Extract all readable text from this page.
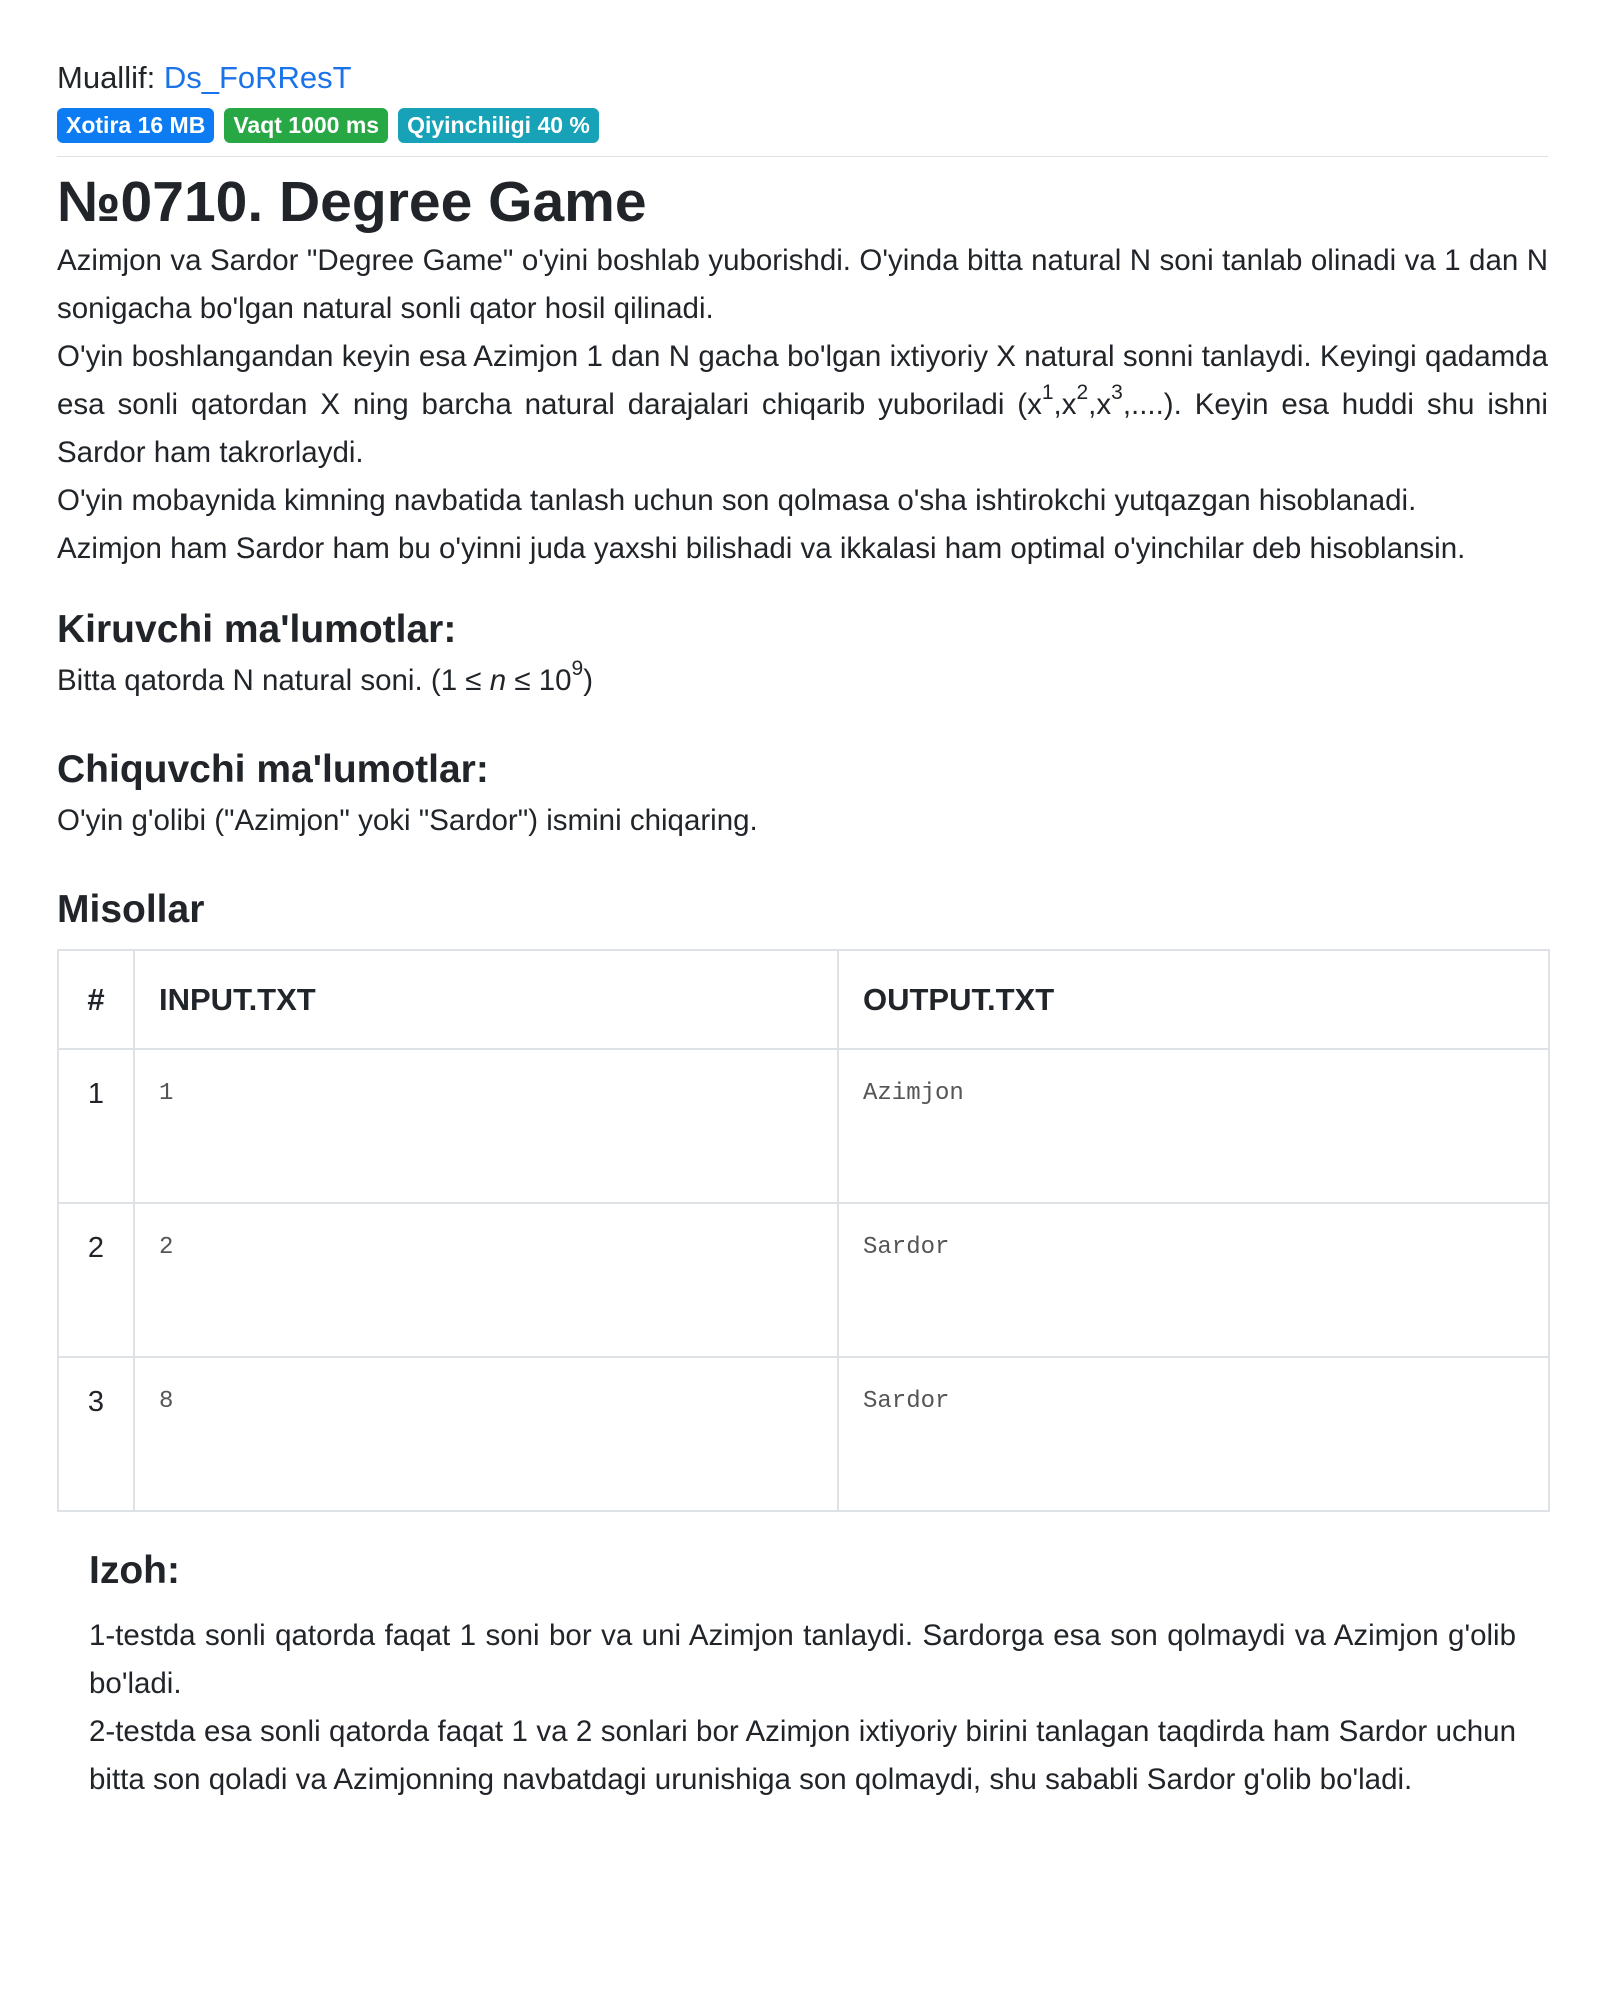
Muallif: Ds_FoRResT
Xotira 16 MB	Vaqt 1000 ms	Qiyinchiligi 40 %
№0710. Degree Game

Azimjon va Sardor "Degree Game" o'yini boshlab yuborishdi. O'yinda bitta natural N soni tanlab olinadi va 1 dan N sonigacha bo'lgan natural sonli qator hosil qilinadi.

O'yin boshlangandan keyin esa Azimjon 1 dan N gacha bo'lgan ixtiyoriy X natural sonni tanlaydi. Keyingi qadamda esa sonli qatordan X ning barcha natural darajalari chiqarib yuboriladi $(x^1,x^2,x^3,....)$. Keyin esa huddi shu ishni Sardor ham takrorlaydi.

O'yin mobaynida kimning navbatida tanlash uchun son qolmasa o'sha ishtirokchi yutqazgan hisoblanadi.

Azimjon ham Sardor ham bu o'yinni juda yaxshi bilishadi va ikkalasi ham optimal o'yinchilar deb hisoblansin.

Kiruvchi ma'lumotlar:
Bitta qatorda N natural soni. $(1 \le n \le 10^9)$
Chiquvchi ma'lumotlar:
O'yin g'olibi ("Azimjon" yoki "Sardor") ismini chiqaring.
Misollar
#	INPUT.TXT	OUTPUT.TXT
1	1	Azimjon
2	2	Sardor
3	8	Sardor
Izoh:

1-testda sonli qatorda faqat 1 soni bor va uni Azimjon tanlaydi. Sardorga esa son qolmaydi va Azimjon g'olib bo'ladi.

2-testda esa sonli qatorda faqat 1 va 2 sonlari bor Azimjon ixtiyoriy birini tanlagan taqdirda ham Sardor uchun bitta son qoladi va Azimjonning navbatdagi urunishiga son qolmaydi, shu sababli Sardor g'olib bo'ladi.
